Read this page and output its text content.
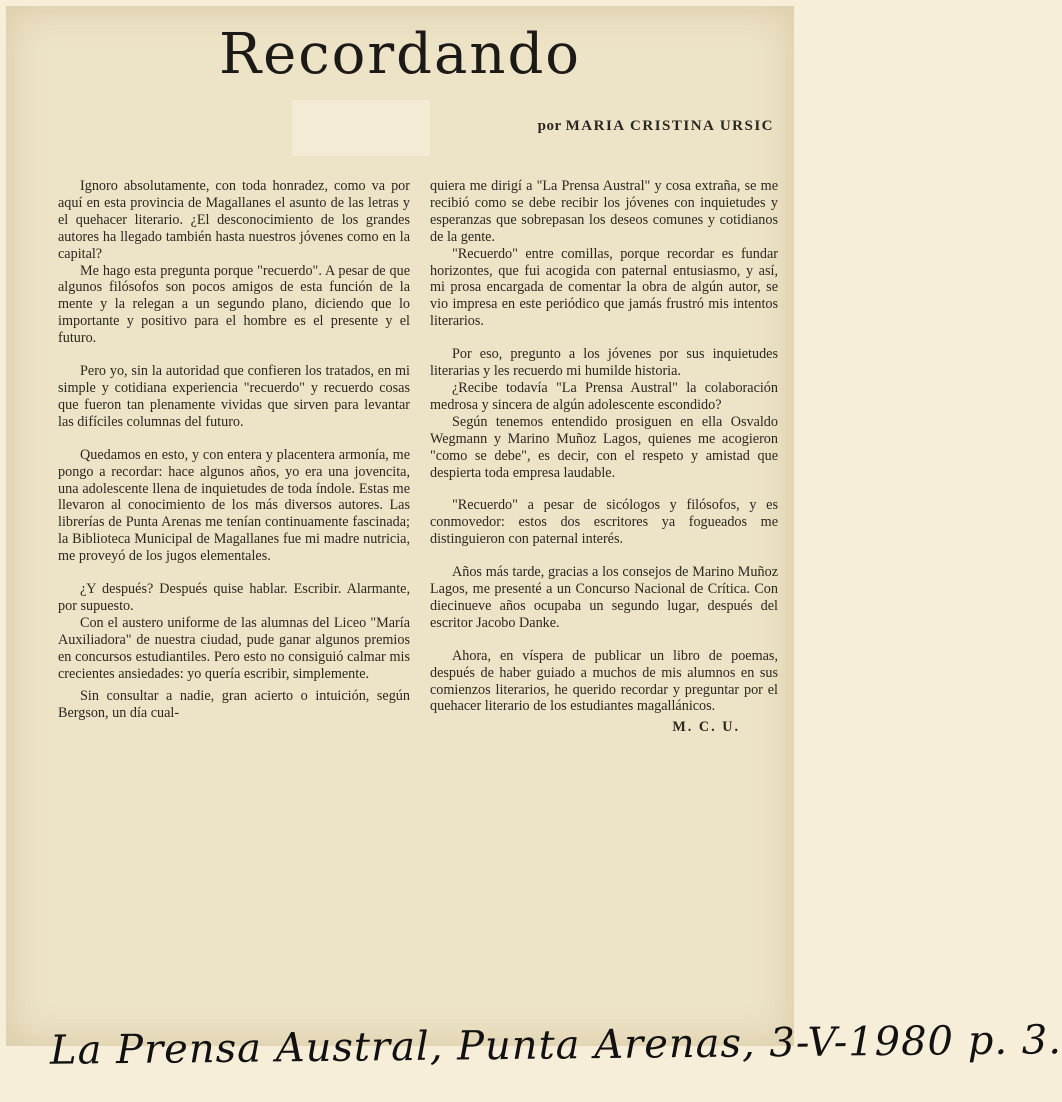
Recordando
por MARIA CRISTINA URSIC

Ignoro absolutamente, con toda honradez, como va por aquí en esta provincia de Magallanes el asunto de las letras y el quehacer literario. ¿El desconocimiento de los grandes autores ha llegado también hasta nuestros jóvenes como en la capital?

Me hago esta pregunta porque "recuerdo". A pesar de que algunos filósofos son pocos amigos de esta función de la mente y la relegan a un segundo plano, diciendo que lo importante y positivo para el hombre es el presente y el futuro.

Pero yo, sin la autoridad que confieren los tratados, en mi simple y cotidiana experiencia "recuerdo" y recuerdo cosas que fueron tan plenamente vividas que sirven para levantar las difíciles columnas del futuro.

Quedamos en esto, y con entera y placentera armonía, me pongo a recordar: hace algunos años, yo era una jovencita, una adolescente llena de inquietudes de toda índole. Estas me llevaron al conocimiento de los más diversos autores. Las librerías de Punta Arenas me tenían continuamente fascinada; la Biblioteca Municipal de Magallanes fue mi madre nutricia, me proveyó de los jugos elementales.

¿Y después? Después quise hablar. Escribir. Alarmante, por supuesto.

Con el austero uniforme de las alumnas del Liceo "María Auxiliadora" de nuestra ciudad, pude ganar algunos premios en concursos estudiantiles. Pero esto no consiguió calmar mis crecientes ansiedades: yo quería escribir, simplemente.

Sin consultar a nadie, gran acierto o intuición, según Bergson, un día cual-

quiera me dirigí a "La Prensa Austral" y cosa extraña, se me recibió como se debe recibir los jóvenes con inquietudes y esperanzas que sobrepasan los deseos comunes y cotidianos de la gente.

"Recuerdo" entre comillas, porque recordar es fundar horizontes, que fui acogida con paternal entusiasmo, y así, mi prosa encargada de comentar la obra de algún autor, se vio impresa en este periódico que jamás frustró mis intentos literarios.

Por eso, pregunto a los jóvenes por sus inquietudes literarias y les recuerdo mi humilde historia.

¿Recibe todavía "La Prensa Austral" la colaboración medrosa y sincera de algún adolescente escondido?

Según tenemos entendido prosiguen en ella Osvaldo Wegmann y Marino Muñoz Lagos, quienes me acogieron "como se debe", es decir, con el respeto y amistad que despierta toda empresa laudable.

"Recuerdo" a pesar de sicólogos y filósofos, y es conmovedor: estos dos escritores ya fogueados me distinguieron con paternal interés.

Años más tarde, gracias a los consejos de Marino Muñoz Lagos, me presenté a un Concurso Nacional de Crítica. Con diecinueve años ocupaba un segundo lugar, después del escritor Jacobo Danke.

Ahora, en víspera de publicar un libro de poemas, después de haber guiado a muchos de mis alumnos en sus comienzos literarios, he querido recordar y preguntar por el quehacer literario de los estudiantes magallánicos.

M. C. U.

La Prensa Austral, Punta Arenas, 3-V-1980 p. 3.
